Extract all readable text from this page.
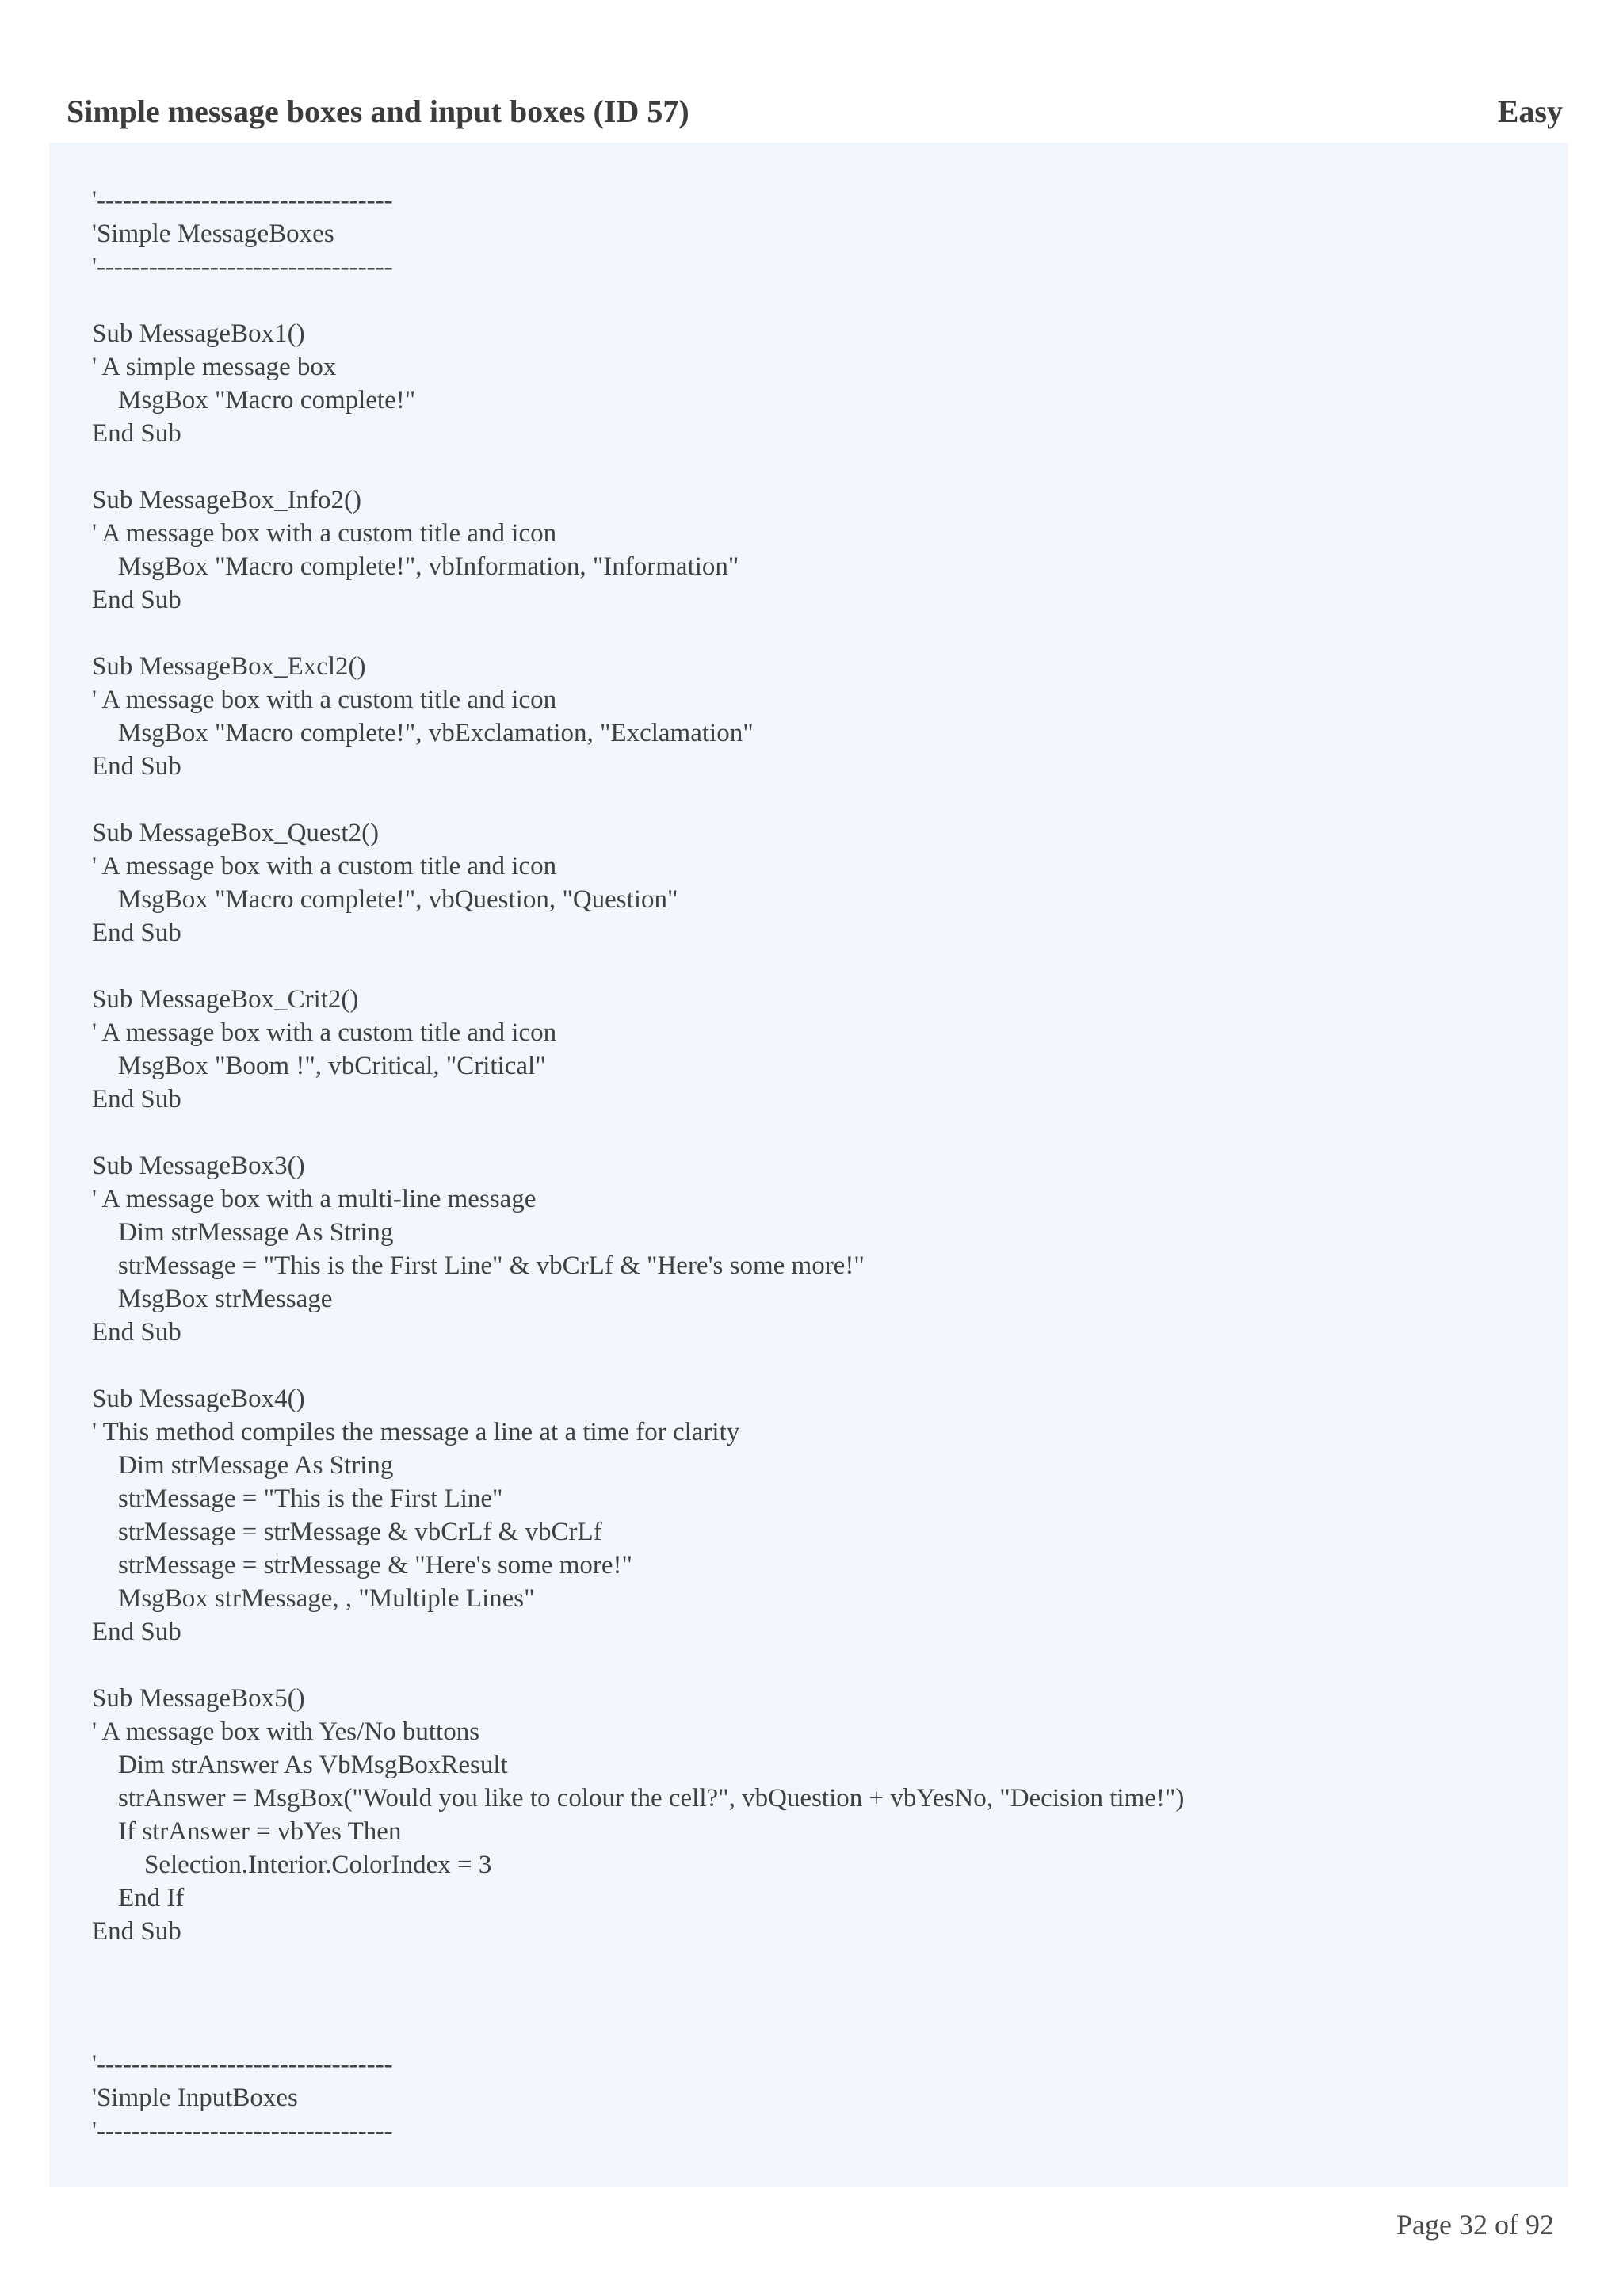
Simple message boxes and input boxes (ID 57)	Easy
'----------------------------------
'Simple MessageBoxes
'----------------------------------
Sub MessageBox1()
' A simple message box
MsgBox "Macro complete!"
End Sub
Sub MessageBox_Info2()
' A message box with a custom title and icon
MsgBox "Macro complete!", vbInformation, "Information"
End Sub
Sub MessageBox_Excl2()
' A message box with a custom title and icon
MsgBox "Macro complete!", vbExclamation, "Exclamation"
End Sub
Sub MessageBox_Quest2()
' A message box with a custom title and icon
MsgBox "Macro complete!", vbQuestion, "Question"
End Sub
Sub MessageBox_Crit2()
' A message box with a custom title and icon
MsgBox "Boom !", vbCritical, "Critical"
End Sub
Sub MessageBox3()
' A message box with a multi-line message
Dim strMessage As String
strMessage = "This is the First Line" & vbCrLf & "Here's some more!"
MsgBox strMessage
End Sub
Sub MessageBox4()
' This method compiles the message a line at a time for clarity
Dim strMessage As String
strMessage = "This is the First Line"
strMessage = strMessage & vbCrLf & vbCrLf
strMessage = strMessage & "Here's some more!"
MsgBox strMessage, , "Multiple Lines"
End Sub
Sub MessageBox5()
' A message box with Yes/No buttons
Dim strAnswer As VbMsgBoxResult
strAnswer = MsgBox("Would you like to colour the cell?", vbQuestion + vbYesNo, "Decision time!")
If strAnswer = vbYes Then
Selection.Interior.ColorIndex = 3
End If
End Sub
'----------------------------------
'Simple InputBoxes
'----------------------------------
Page 32 of 92
